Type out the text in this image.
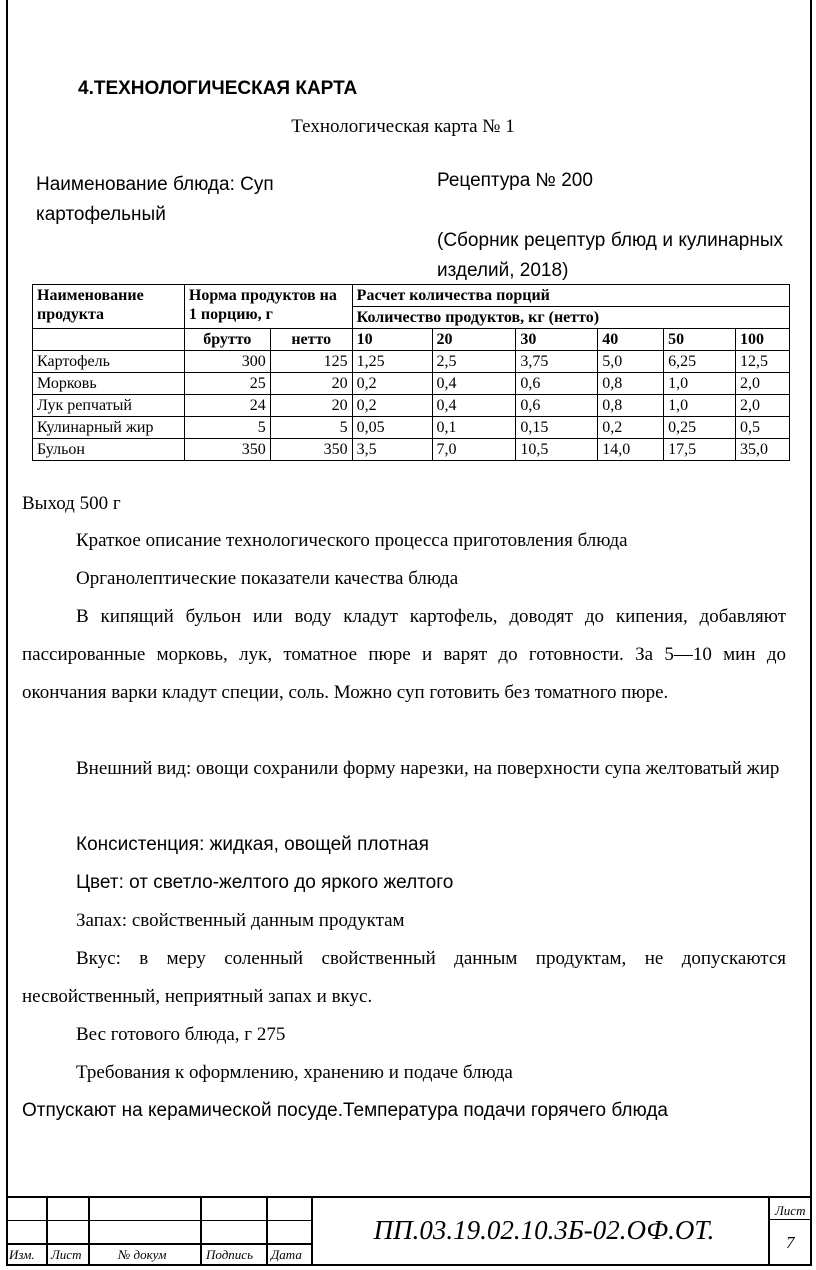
4.ТЕХНОЛОГИЧЕСКАЯ КАРТА
Технологическая карта № 1
Наименование блюда: Суп картофельный
Рецептура № 200
(Сборник рецептур блюд и кулинарных изделий, 2018)
Наименование продукта	Норма продуктов на 1 порцию, г		Расчет количества порций					
			Количество продуктов, кг (нетто)					
	брутто	нетто	10	20	30	40	50	100
Картофель	300	125	1,25	2,5	3,75	5,0	6,25	12,5
Морковь	25	20	0,2	0,4	0,6	0,8	1,0	2,0
Лук репчатый	24	20	0,2	0,4	0,6	0,8	1,0	2,0
Кулинарный жир	5	5	0,05	0,1	0,15	0,2	0,25	0,5
Бульон	350	350	3,5	7,0	10,5	14,0	17,5	35,0
Выход 500 г
Краткое описание технологического процесса приготовления блюда
Органолептические показатели качества блюда
В кипящий бульон или воду кладут картофель, доводят до кипения, добавляют пассированные морковь, лук, томатное пюре и варят до готовности. За 5—10 мин до окончания варки кладут специи, соль. Можно суп готовить без томатного пюре.
Внешний вид: овощи сохранили форму нарезки, на поверхности супа желтоватый жир
Консистенция: жидкая, овощей плотная
Цвет: от светло-желтого до яркого желтого
Запах: свойственный данным продуктам
Вкус: в меру соленный свойственный данным продуктам, не допускаются несвойственный, неприятный запах и вкус.
Вес готового блюда, г 275
Требования к оформлению, хранению и подаче блюда
Отпускают на керамической посуде.Температура подачи горячего блюда
Изм. Лист	№ докум	Подпись Дата
ПП.03.19.02.10.3Б-02.ОФ.ОТ.
Лист
7
